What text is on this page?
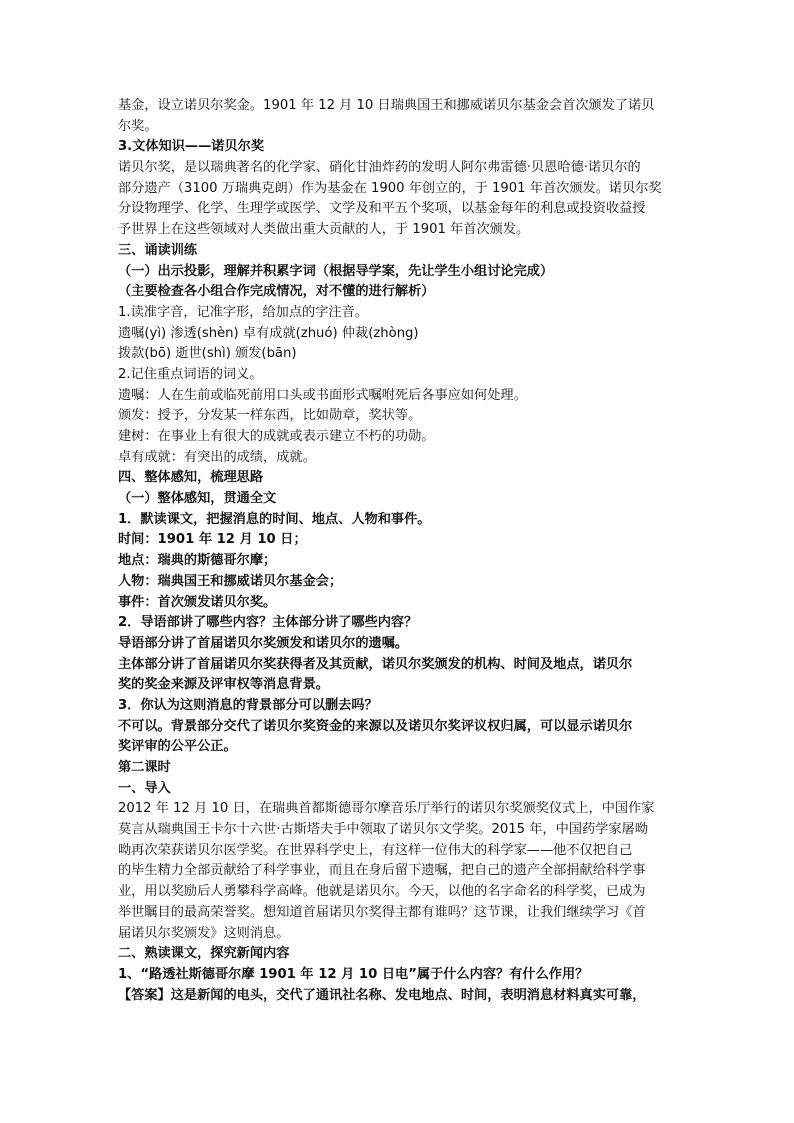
基金，设立诺贝尔奖金。1901 年 12 月 10 日瑞典国王和挪威诺贝尔基金会首次颁发了诺贝
尔奖。
3.文体知识——诺贝尔奖
诺贝尔奖，是以瑞典著名的化学家、硝化甘油炸药的发明人阿尔弗雷德·贝恩哈德·诺贝尔的
部分遗产（3100 万瑞典克朗）作为基金在 1900 年创立的，于 1901 年首次颁发。诺贝尔奖
分设物理学、化学、生理学或医学、文学及和平五个奖项，以基金每年的利息或投资收益授
予世界上在这些领域对人类做出重大贡献的人，于 1901 年首次颁发。
三、诵读训练
（一）出示投影，理解并积累字词（根据导学案，先让学生小组讨论完成）
（主要检查各小组合作完成情况，对不懂的进行解析）
1.读准字音，记准字形，给加点的字注音。
遗嘱(yì) 渗透(shèn) 卓有成就(zhuó) 仲裁(zhòng)
拨款(bō) 逝世(shì) 颁发(bān)
2.记住重点词语的词义。
遗嘱：人在生前或临死前用口头或书面形式嘱咐死后各事应如何处理。
颁发：授予，分发某一样东西，比如勋章，奖状等。
建树：在事业上有很大的成就或表示建立不朽的功勋。
卓有成就：有突出的成绩，成就。
四、整体感知，梳理思路
（一）整体感知，贯通全文
1．默读课文，把握消息的时间、地点、人物和事件。
时间：1901 年 12 月 10 日；
地点：瑞典的斯德哥尔摩；
人物：瑞典国王和挪威诺贝尔基金会；
事件：首次颁发诺贝尔奖。
2．导语部讲了哪些内容？主体部分讲了哪些内容？
导语部分讲了首届诺贝尔奖颁发和诺贝尔的遗嘱。
主体部分讲了首届诺贝尔奖获得者及其贡献，诺贝尔奖颁发的机构、时间及地点，诺贝尔
奖的奖金来源及评审权等消息背景。
3．你认为这则消息的背景部分可以删去吗？
不可以。背景部分交代了诺贝尔奖资金的来源以及诺贝尔奖评议权归属，可以显示诺贝尔
奖评审的公平公正。
第二课时
一、导入
2012 年 12 月 10 日，在瑞典首都斯德哥尔摩音乐厅举行的诺贝尔奖颁奖仪式上，中国作家
莫言从瑞典国王卡尔十六世·古斯塔夫手中领取了诺贝尔文学奖。2015 年，中国药学家屠呦
呦再次荣获诺贝尔医学奖。在世界科学史上，有这样一位伟大的科学家——他不仅把自己
的毕生精力全部贡献给了科学事业，而且在身后留下遗嘱，把自己的遗产全部捐献给科学事
业，用以奖励后人勇攀科学高峰。他就是诺贝尔。今天，以他的名字命名的科学奖，已成为
举世瞩目的最高荣誉奖。想知道首届诺贝尔奖得主都有谁吗？这节课，让我们继续学习《首
届诺贝尔奖颁发》这则消息。
二、熟读课文，探究新闻内容
1、“路透社斯德哥尔摩 1901 年 12 月 10 日电”属于什么内容？有什么作用？
【答案】这是新闻的电头，交代了通讯社名称、发电地点、时间，表明消息材料真实可靠，
